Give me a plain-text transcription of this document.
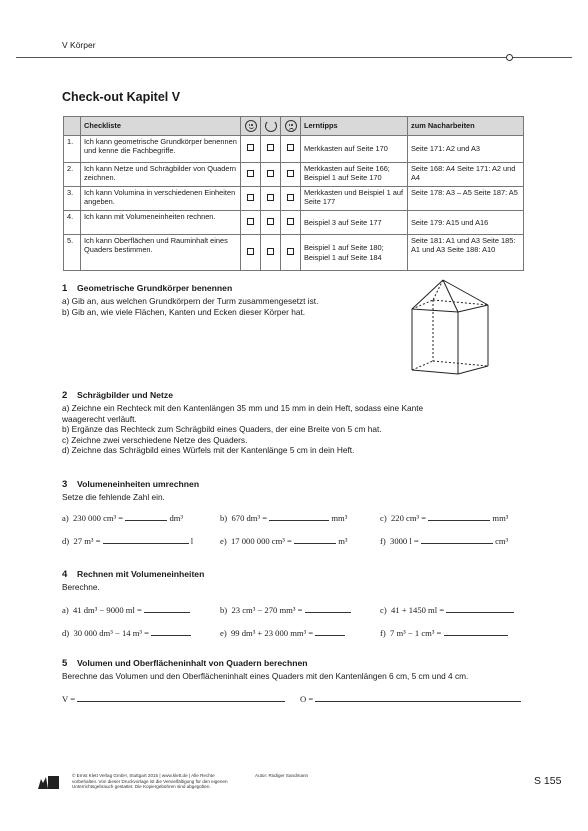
V Körper
Check-out Kapitel V
	Checkliste				Lerntipps	zum Nacharbeiten
1.	Ich kann geometrische Grundkörper benennen und kenne die Fachbegriffe.				Merkkasten auf Seite 170	Seite 171: A2 und A3
2.	Ich kann Netze und Schrägbilder von Quadern zeichnen.				Merkkasten auf Seite 166; Beispiel 1 auf Seite 170	Seite 168: A4 Seite 171: A2 und A4
3.	Ich kann Volumina in verschiedenen Einheiten angeben.				Merkkasten und Beispiel 1 auf Seite 177	Seite 178: A3 – A5 Seite 187: A5
4.	Ich kann mit Volumeneinheiten rechnen.				Beispiel 3 auf Seite 177	Seite 179: A15 und A16
5.	Ich kann Oberflächen und Rauminhalt eines Quaders bestimmen.				Beispiel 1 auf Seite 180; Beispiel 1 auf Seite 184	Seite 181: A1 und A3 Seite 185: A1 und A3 Seite 188: A10
1 Geometrische Grundkörper benennen
a) Gib an, aus welchen Grundkörpern der Turm zusammengesetzt ist.
b) Gib an, wie viele Flächen, Kanten und Ecken dieser Körper hat.
2 Schrägbilder und Netze
a) Zeichne ein Rechteck mit den Kantenlängen 35 mm und 15 mm in dein Heft, sodass eine Kante
waagerecht verläuft.
b) Ergänze das Rechteck zum Schrägbild eines Quaders, der eine Breite von 5 cm hat.
c) Zeichne zwei verschiedene Netze des Quaders.
d) Zeichne das Schrägbild eines Würfels mit der Kantenlänge 5 cm in dein Heft.
3 Volumeneinheiten umrechnen
Setze die fehlende Zahl ein.
a) 230 000 cm³ =	dm³	b) 670 dm³ =	mm³	c) 220 cm³ =	mm³
d) 27 m³ =	l	e) 17 000 000 cm³ =	m³	f) 3000 l =	cm³
4 Rechnen mit Volumeneinheiten
Berechne.
a) 41 dm³ − 9000 ml =	b) 23 cm³ − 270 mm³ =	c) 41 + 1450 ml =
d) 30 000 dm³ − 14 m³ =	e) 99 dm³ + 23 000 mm³ =	f) 7 m³ − 1 cm³ =
5 Volumen und Oberflächeninhalt von Quadern berechnen
Berechne das Volumen und den Oberflächeninhalt eines Quaders mit den Kantenlängen 6 cm, 5 cm und 4 cm.
V =	O =
© Ernst Klett Verlag GmbH, Stuttgart 2015 | www.klett.de | Alle Rechte
vorbehalten. Von dieser Druckvorlage ist die Vervielfältigung für den eigenen
Unterrichtsgebrauch gestattet. Die Kopiergebühren sind abgegolten.
Autor: Rüdiger Sandmann	S 155
